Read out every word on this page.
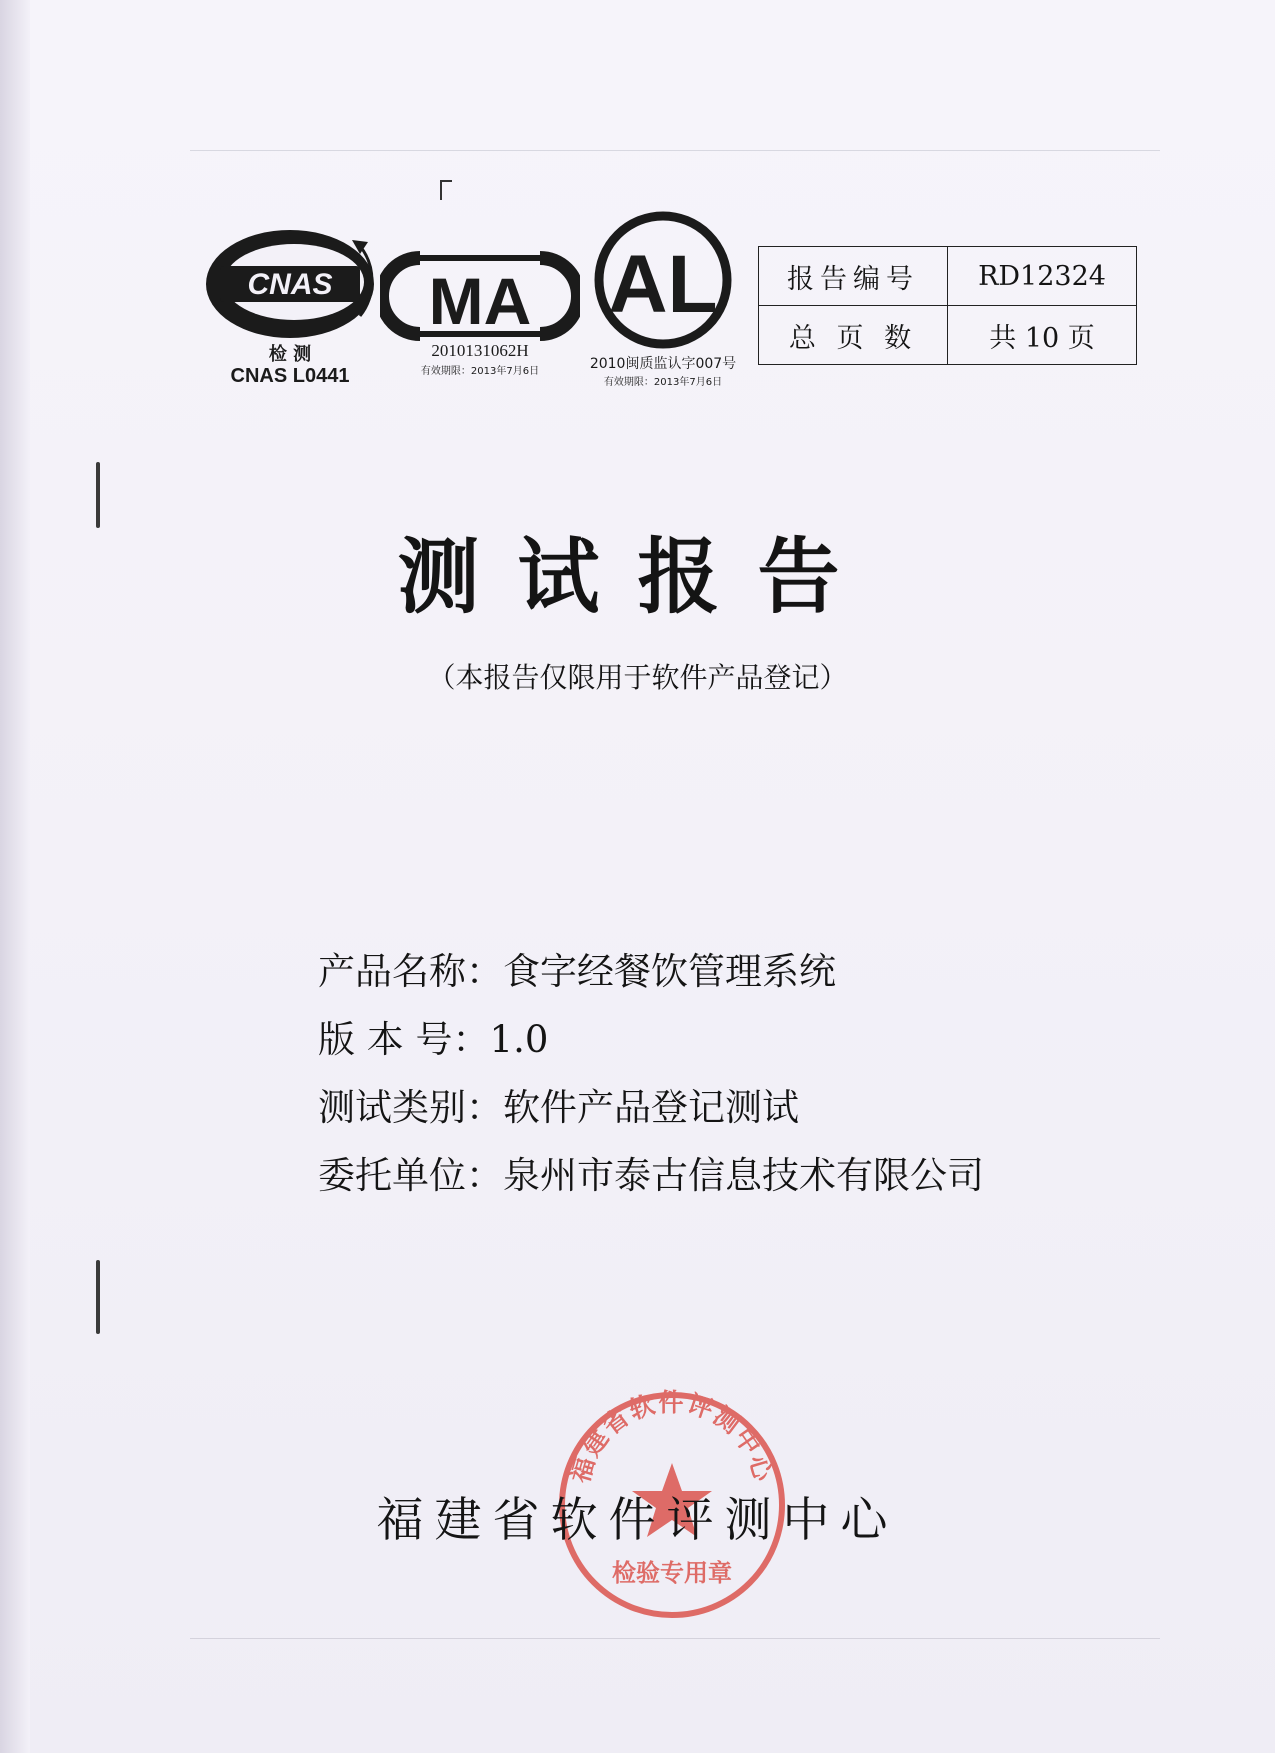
CNAS
检 测
CNAS L0441
MA
2010131062H
有效期限：2013年7月6日
AL
2010闽质监认字007号
有效期限：2013年7月6日
报告编号	RD12324
总 页 数	共 10 页
测试报告
（本报告仅限用于软件产品登记）
产品名称：食字经餐饮管理系统
版 本 号：1.0
测试类别：软件产品登记测试
委托单位：泉州市泰古信息技术有限公司
福建省软件评测中心
检验专用章
福建省软件评测中心
